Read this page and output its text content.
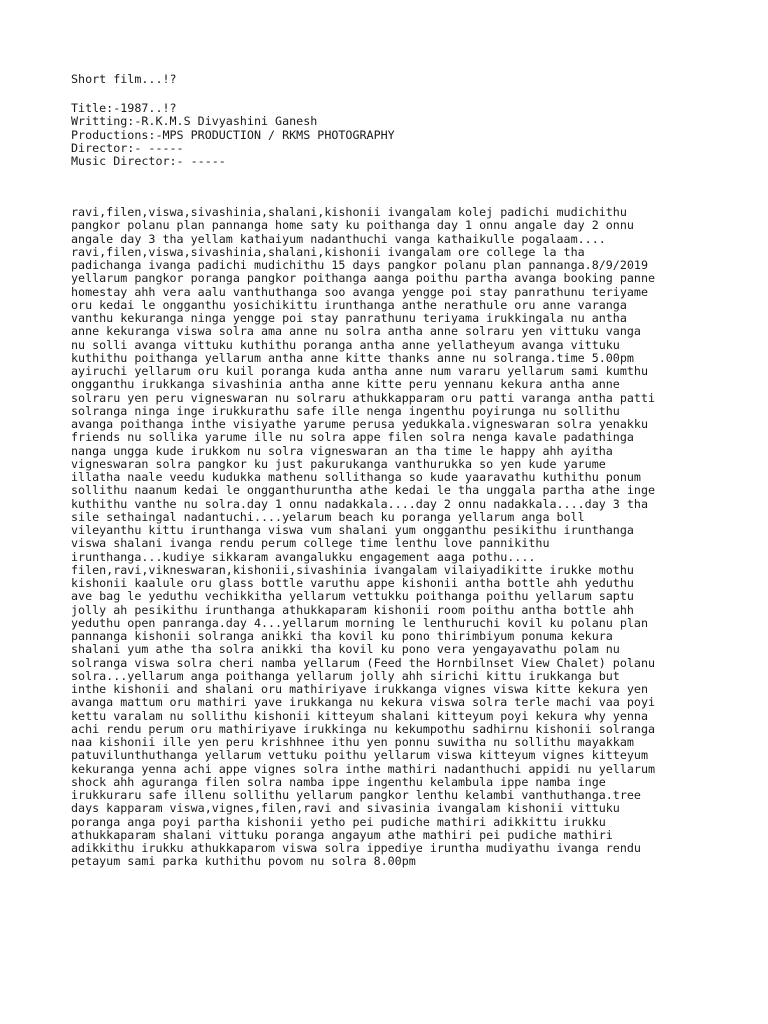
Short film...!?
Title:-1987..!?
Writting:-R.K.M.S Divyashini Ganesh
Productions:-MPS PRODUCTION / RKMS PHOTOGRAPHY
Director:- -----
Music Director:- -----
ravi,filen,viswa,sivashinia,shalani,kishonii ivangalam kolej padichi mudichithu
pangkor polanu plan pannanga home saty ku poithanga day 1 onnu angale day 2 onnu
angale day 3 tha yellam kathaiyum nadanthuchi vanga kathaikulle pogalaam....
ravi,filen,viswa,sivashinia,shalani,kishonii ivangalam ore college la tha
padichanga ivanga padichi mudichithu 15 days pangkor polanu plan pannanga.8/9/2019
yellarum pangkor poranga pangkor poithanga aanga poithu partha avanga booking panne
homestay ahh vera aalu vanthuthanga soo avanga yengge poi stay panrathunu teriyame
oru kedai le ongganthu yosichikittu irunthanga anthe nerathule oru anne varanga
vanthu kekuranga ninga yengge poi stay panrathunu teriyama irukkingala nu antha
anne kekuranga viswa solra ama anne nu solra antha anne solraru yen vittuku vanga
nu solli avanga vittuku kuthithu poranga antha anne yellatheyum avanga vittuku
kuthithu poithanga yellarum antha anne kitte thanks anne nu solranga.time 5.00pm
ayiruchi yellarum oru kuil poranga kuda antha anne num vararu yellarum sami kumthu
ongganthu irukkanga sivashinia antha anne kitte peru yennanu kekura antha anne
solraru yen peru vigneswaran nu solraru athukkapparam oru patti varanga antha patti
solranga ninga inge irukkurathu safe ille nenga ingenthu poyirunga nu sollithu
avanga poithanga inthe visiyathe yarume perusa yedukkala.vigneswaran solra yenakku
friends nu sollika yarume ille nu solra appe filen solra nenga kavale padathinga
nanga ungga kude irukkom nu solra vigneswaran an tha time le happy ahh ayitha
vigneswaran solra pangkor ku just pakurukanga vanthurukka so yen kude yarume
illatha naale veedu kudukka mathenu sollithanga so kude yaaravathu kuthithu ponum
sollithu naanum kedai le ongganthuruntha athe kedai le tha unggala partha athe inge
kuthithu vanthe nu solra.day 1 onnu nadakkala....day 2 onnu nadakkala....day 3 tha
sile sethaingal nadantuchi....yelarum beach ku poranga yellarum anga boll
vileyanthu kittu irunthanga viswa vum shalani yum ongganthu pesikithu irunthanga
viswa shalani ivanga rendu perum college time lenthu love pannikithu
irunthanga...kudiye sikkaram avangalukku engagement aaga pothu....
filen,ravi,vikneswaran,kishonii,sivashinia ivangalam vilaiyadikitte irukke mothu
kishonii kaalule oru glass bottle varuthu appe kishonii antha bottle ahh yeduthu
ave bag le yeduthu vechikkitha yellarum vettukku poithanga poithu yellarum saptu
jolly ah pesikithu irunthanga athukkaparam kishonii room poithu antha bottle ahh
yeduthu open panranga.day 4...yellarum morning le lenthuruchi kovil ku polanu plan
pannanga kishonii solranga anikki tha kovil ku pono thirimbiyum ponuma kekura
shalani yum athe tha solra anikki tha kovil ku pono vera yengayavathu polam nu
solranga viswa solra cheri namba yellarum (Feed the Hornbilnset View Chalet) polanu
solra...yellarum anga poithanga yellarum jolly ahh sirichi kittu irukkanga but
inthe kishonii and shalani oru mathiriyave irukkanga vignes viswa kitte kekura yen
avanga mattum oru mathiri yave irukkanga nu kekura viswa solra terle machi vaa poyi
kettu varalam nu sollithu kishonii kitteyum shalani kitteyum poyi kekura why yenna
achi rendu perum oru mathiriyave irukkinga nu kekumpothu sadhirnu kishonii solranga
naa kishonii ille yen peru krishhnee ithu yen ponnu suwitha nu sollithu mayakkam
patuvilunthuthanga yellarum vettuku poithu yellarum viswa kitteyum vignes kitteyum
kekuranga yenna achi appe vignes solra inthe mathiri nadanthuchi appidi nu yellarum
shock ahh aguranga filen solra namba ippe ingenthu kelambula ippe namba inge
irukkuraru safe illenu sollithu yellarum pangkor lenthu kelambi vanthuthanga.tree
days kapparam viswa,vignes,filen,ravi and sivasinia ivangalam kishonii vittuku
poranga anga poyi partha kishonii yetho pei pudiche mathiri adikkittu irukku
athukkaparam shalani vittuku poranga angayum athe mathiri pei pudiche mathiri
adikkithu irukku athukkaparom viswa solra ippediye iruntha mudiyathu ivanga rendu
petayum sami parka kuthithu povom nu solra 8.00pm
